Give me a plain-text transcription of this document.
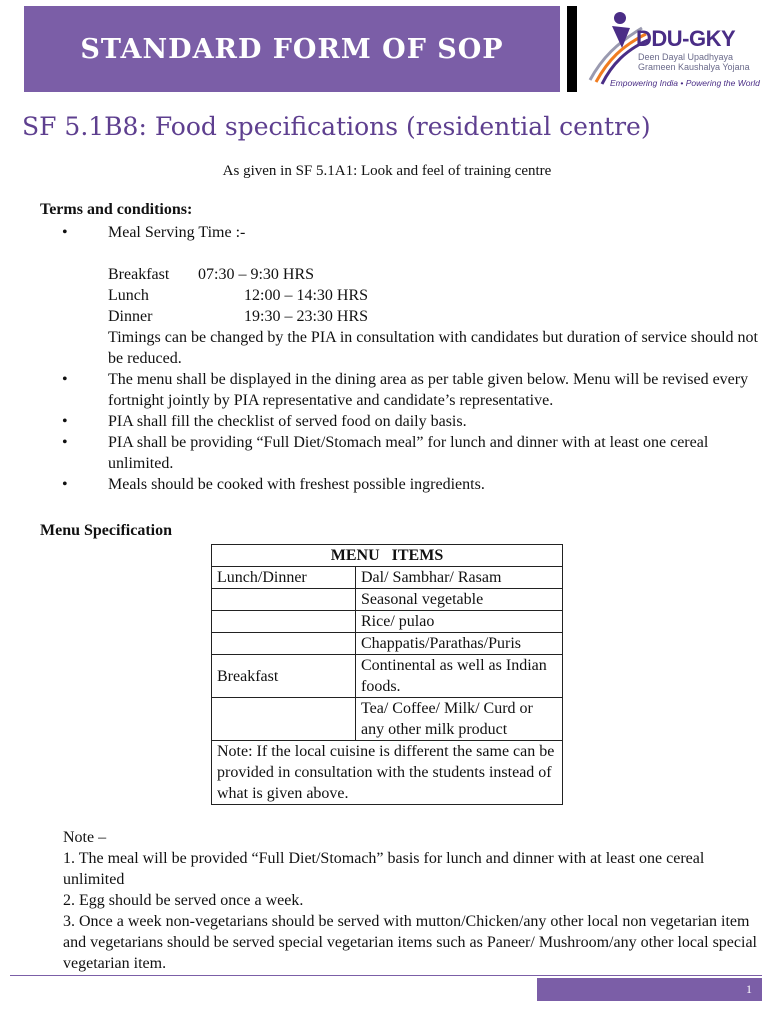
STANDARD FORM OF SOP	DDU-GKY
Deen Dayal Upadhyaya
Grameen Kaushalya Yojana
Empowering India • Powering the World
SF 5.1B8: Food specifications (residential centre)
As given in SF 5.1A1: Look and feel of training centre
Terms and conditions:
• Meal Serving Time :-
Breakfast	07:30 – 9:30 HRS
Lunch	12:00 – 14:30 HRS
Dinner	19:30 – 23:30 HRS
Timings can be changed by the PIA in consultation with candidates but duration of service should not be reduced.
• The menu shall be displayed in the dining area as per table given below. Menu will be revised every fortnight jointly by PIA representative and candidate’s representative.
• PIA shall fill the checklist of served food on daily basis.
• PIA shall be providing “Full Diet/Stomach meal” for lunch and dinner with at least one cereal unlimited.
• Meals should be cooked with freshest possible ingredients.
Menu Specification
MENU   ITEMS	
Lunch/Dinner	Dal/ Sambhar/ Rasam
	Seasonal vegetable
	Rice/ pulao
	Chappatis/Parathas/Puris
Breakfast	Continental as well as Indian foods.
	Tea/ Coffee/ Milk/ Curd or any other milk product
Note: If the local cuisine is different the same can be provided in consultation with the students instead of what is given above.	
Note –
1. The meal will be provided “Full Diet/Stomach” basis for lunch and dinner with at least one cereal unlimited
2. Egg should be served once a week.
3. Once a week non-vegetarians should be served with mutton/Chicken/any other local non vegetarian item and vegetarians should be served special vegetarian items such as Paneer/ Mushroom/any other local special vegetarian item.
1
